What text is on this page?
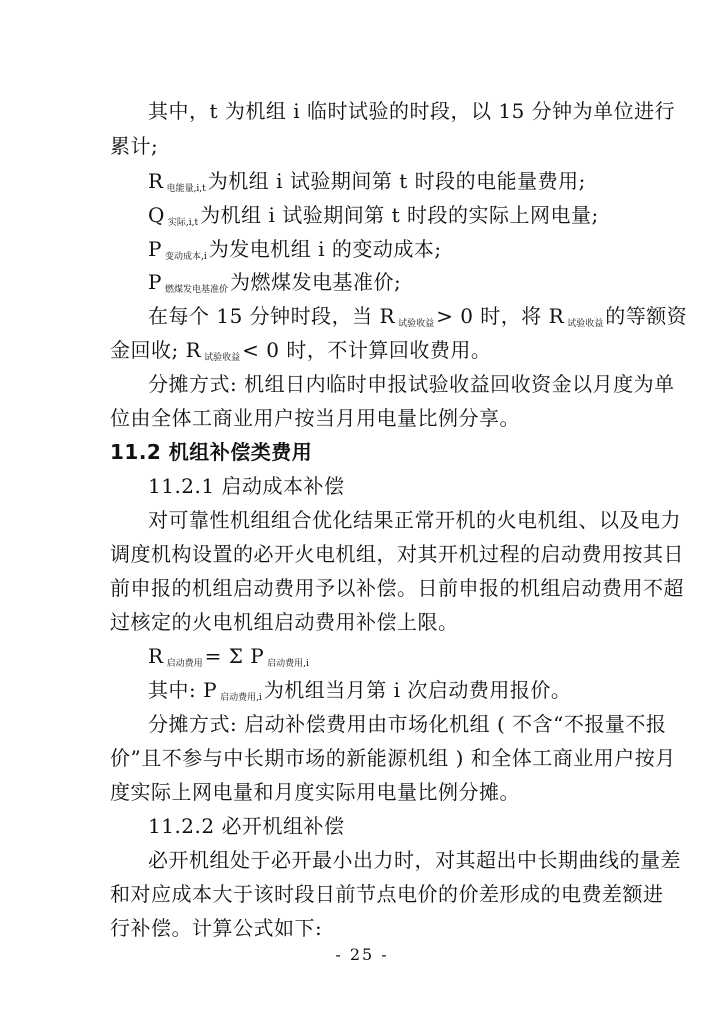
其中，t 为机组 i 临时试验的时段，以 15 分钟为单位进行
累计;
R $_{电能量,i,t}$ 为机组 i 试验期间第 t 时段的电能量费用;
Q $_{实际,i,t}$ 为机组 i 试验期间第 t 时段的实际上网电量;
P $_{变动成本,i}$ 为发电机组 i 的变动成本;
P $_{燃煤发电基准价}$ 为燃煤发电基准价;
在每个 15 分钟时段，当 R $_{试验收益}$ > 0 时，将 R $_{试验收益}$ 的等额资
金回收; R $_{试验收益}$ < 0 时，不计算回收费用。
分摊方式: 机组日内临时申报试验收益回收资金以月度为单
位由全体工商业用户按当月用电量比例分享。
11.2 机组补偿类费用
11.2.1 启动成本补偿
对可靠性机组组合优化结果正常开机的火电机组、以及电力
调度机构设置的必开火电机组，对其开机过程的启动费用按其日
前申报的机组启动费用予以补偿。日前申报的机组启动费用不超
过核定的火电机组启动费用补偿上限。
R $_{启动费用}$ = Σ P $_{启动费用,i}$
其中: P $_{启动费用,i}$ 为机组当月第 i 次启动费用报价。
分摊方式: 启动补偿费用由市场化机组 ( 不含“不报量不报
价”且不参与中长期市场的新能源机组 ) 和全体工商业用户按月
度实际上网电量和月度实际用电量比例分摊。
11.2.2 必开机组补偿
必开机组处于必开最小出力时，对其超出中长期曲线的量差
和对应成本大于该时段日前节点电价的价差形成的电费差额进
行补偿。计算公式如下:
- 25 -
